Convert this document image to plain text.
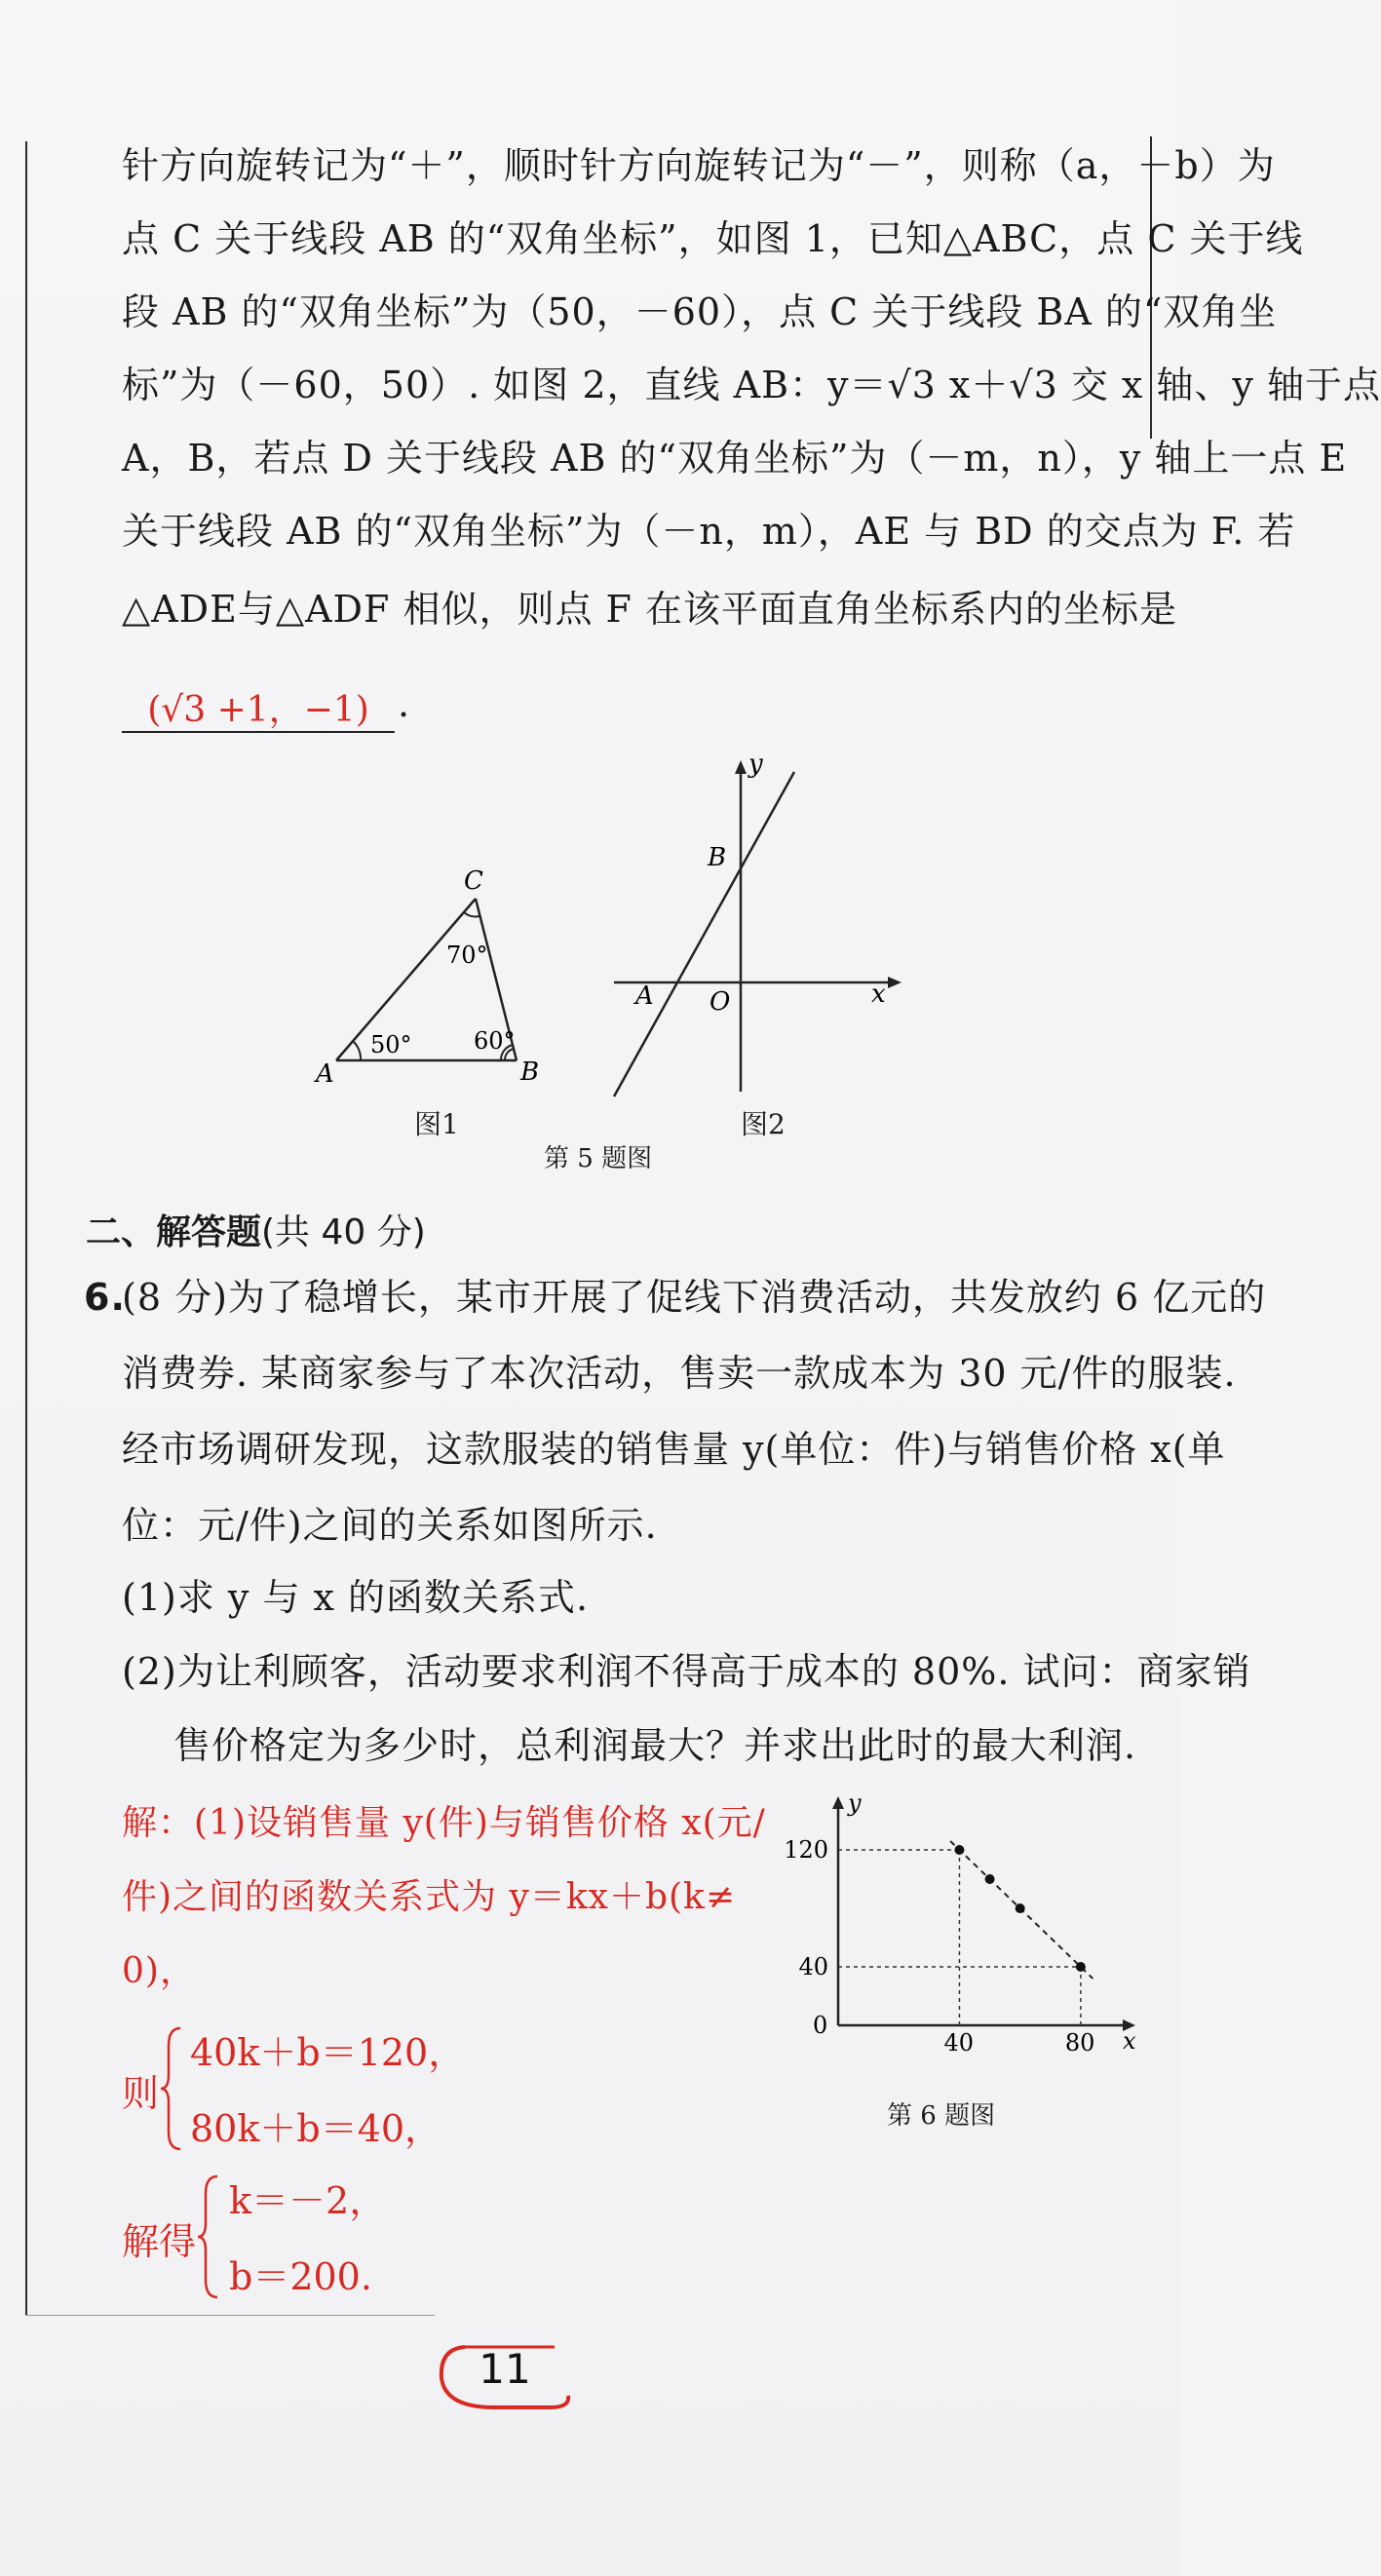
针方向旋转记为“＋”，顺时针方向旋转记为“－”，则称（a，－b）为
点 C 关于线段 AB 的“双角坐标”，如图 1，已知△ABC，点 C 关于线
段 AB 的“双角坐标”为（50，－60），点 C 关于线段 BA 的“双角坐
标”为（－60，50）. 如图 2，直线 AB：y＝√3 x＋√3 交 x 轴、y 轴于点
A，B，若点 D 关于线段 AB 的“双角坐标”为（－m，n），y 轴上一点 E
关于线段 AB 的“双角坐标”为（－n，m），AE 与 BD 的交点为 F. 若
△ADE与△ADF 相似，则点 F 在该平面直角坐标系内的坐标是
(√3 +1，−1) .
A	B
C
50°	60°
70°
图1
x
y
O
A
B
图2
第 5 题图
二、解答题(共 40 分)
6.
(8 分)为了稳增长，某市开展了促线下消费活动，共发放约 6 亿元的
消费券. 某商家参与了本次活动，售卖一款成本为 30 元/件的服装.
经市场调研发现，这款服装的销售量 y(单位：件)与销售价格 x(单
位：元/件)之间的关系如图所示.
(1)求 y 与 x 的函数关系式.
(2)为让利顾客，活动要求利润不得高于成本的 80%. 试问：商家销
售价格定为多少时，总利润最大？并求出此时的最大利润.
解：(1)设销售量 y(件)与销售价格 x(元/
件)之间的函数关系式为 y＝kx＋b(k≠
0)，
则
40k＋b＝120，
80k＋b＝40，
解得
k＝－2，
b＝200.
x
y
0
40	80
120
40
第 6 题图
11
